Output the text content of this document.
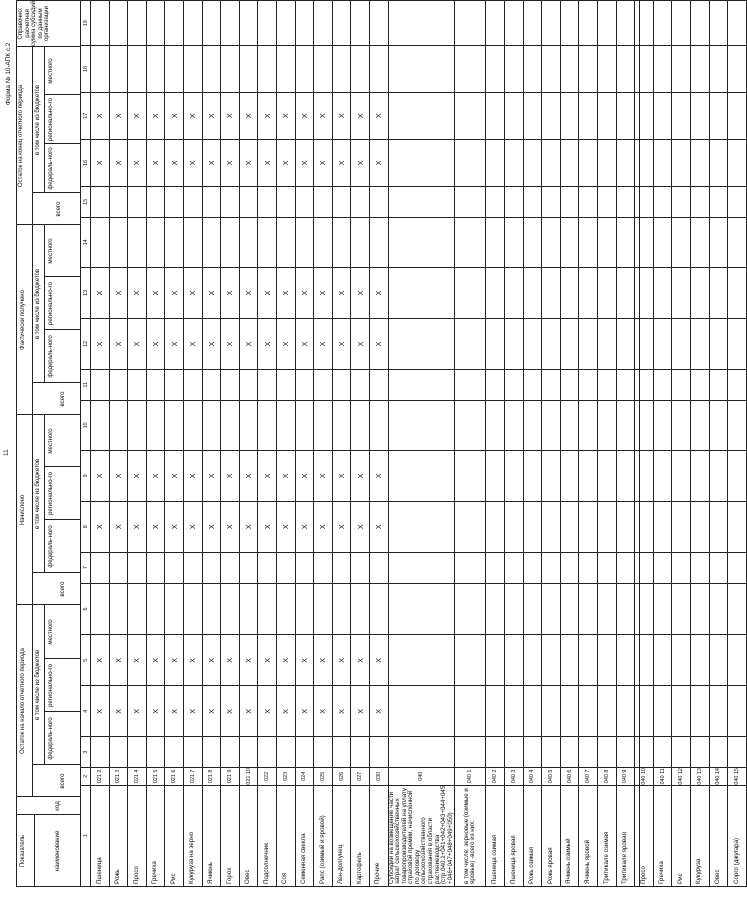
11
Форма № 10-АПК с.2
Показатель	наименование
код
Остаток на начало отчетного периода
Начислено
Фактически получено
Остаток на конец отчетного периода
Справочно: расчетная сумма субсидий по данным организации
всего
всего
всего
всего
в том числе из бюджетов
в том числе из бюджетов
в том числе из бюджетов
в том числе из бюджетов
федераль-ного
регионально-го
местного
федераль-ного
регионально-го
местного
федераль-ного
регионально-го
местного
федераль-ного
регионально-го
местного
1	2	3	4	5	6	7	8	9	10	11	12	13	14	15	16	17	18	19
Пшеница	021 2		Х	Х			Х	Х			Х	Х			Х	Х		
Рожь	021 3		Х	Х			Х	Х			Х	Х			Х	Х		
Просо	021 4		Х	Х			Х	Х			Х	Х			Х	Х		
Гречиха	021 5		Х	Х			Х	Х			Х	Х			Х	Х		
Рис	021 6		Х	Х			Х	Х			Х	Х			Х	Х		
Кукуруза на зерно	021 7		Х	Х			Х	Х			Х	Х			Х	Х		
Ячмень	021 8		Х	Х			Х	Х			Х	Х			Х	Х		
Горох	021 9		Х	Х			Х	Х			Х	Х			Х	Х		
Овес	021 10		Х	Х			Х	Х			Х	Х			Х	Х		
Подсолнечник	022		Х	Х			Х	Х			Х	Х			Х	Х		
Соя	023		Х	Х			Х	Х			Х	Х			Х	Х		
Семенная свекла	024		Х	Х			Х	Х			Х	Х			Х	Х		
Рапс (озимый и яровой)	025		Х	Х			Х	Х			Х	Х			Х	Х		
Лен-долгунец	026		Х	Х			Х	Х			Х	Х			Х	Х		
Картофель	027		Х	Х			Х	Х			Х	Х			Х	Х		
Прочие	030		Х	Х			Х	Х			Х	Х			Х	Х		
Субсидии на возмещение части затрат сельскохозяйственных товаропроизводителей на уплату страховой премии, начисленной по договору сельскохозяйственного страхования в области растениеводства (стр.040.1+041+042+043+044+045 +046+047+048+049+050)	040																	
в том числе: зерновые (озимые и яровые) -всего из них:	040 1																	
Пшеница озимая	040 2																	
Пшеница яровая	040 3																	
Рожь озимая	040 4																	
Рожь яровая	040 5																	
Ячмень озимый	040 6																	
Ячмень яровой	040 7																	
Тритикале озимая	040 8																	
Тритикале яровая	040 9																	
Просо	040 10																	
Гречиха	040 11																	
Рис	040 12																	
Кукуруза	040 13																	
Овес	040 14																	
Сорго (джугара)	040 15																	
